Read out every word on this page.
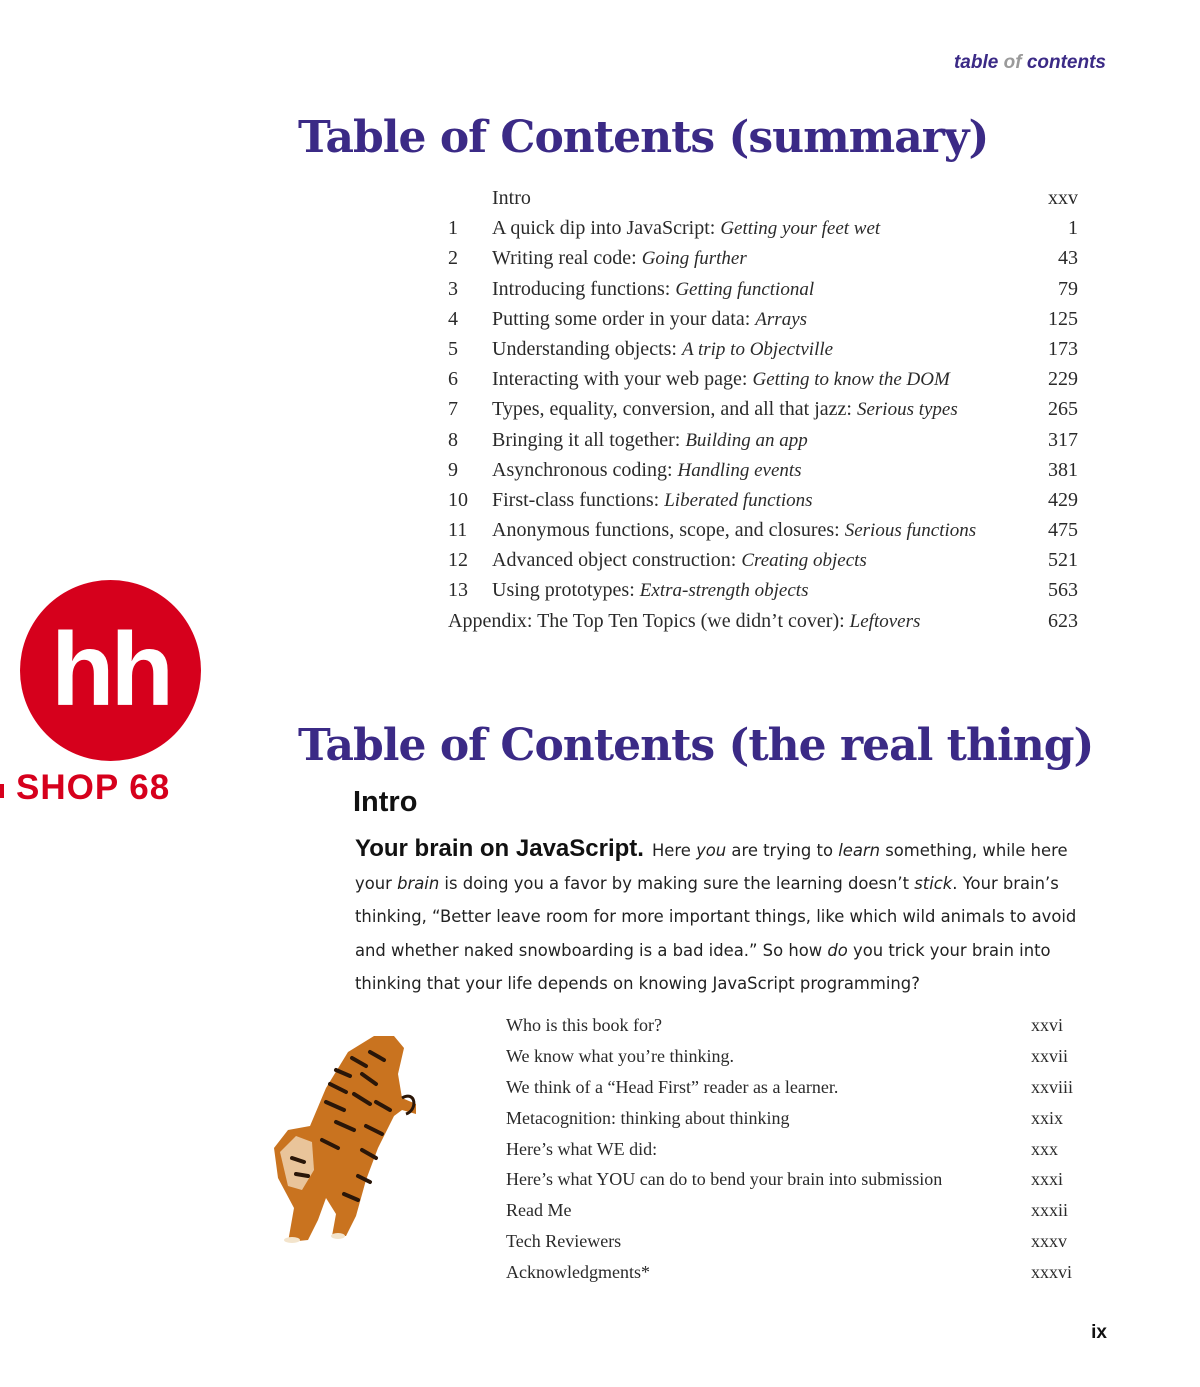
table of contents
Table of Contents (summary)
Intro	xxv
1	A quick dip into JavaScript: Getting your feet wet	1
2	Writing real code: Going further	43
3	Introducing functions: Getting functional	79
4	Putting some order in your data: Arrays	125
5	Understanding objects: A trip to Objectville	173
6	Interacting with your web page: Getting to know the DOM	229
7	Types, equality, conversion, and all that jazz: Serious types	265
8	Bringing it all together: Building an app	317
9	Asynchronous coding: Handling events	381
10	First-class functions: Liberated functions	429
11	Anonymous functions, scope, and closures: Serious functions	475
12	Advanced object construction: Creating objects	521
13	Using prototypes: Extra-strength objects	563
Appendix: The Top Ten Topics (we didn’t cover): Leftovers	623
hh
SHOP 68
Table of Contents (the real thing)
Intro
Your brain on JavaScript. Here you are trying to learn something, while here your brain is doing you a favor by making sure the learning doesn’t stick. Your brain’s thinking, “Better leave room for more important things, like which wild animals to avoid and whether naked snowboarding is a bad idea.” So how do you trick your brain into thinking that your life depends on knowing JavaScript programming?
Who is this book for?	xxvi
We know what you’re thinking.	xxvii
We think of a “Head First” reader as a learner.	xxviii
Metacognition: thinking about thinking	xxix
Here’s what WE did:	xxx
Here’s what YOU can do to bend your brain into submission	xxxi
Read Me	xxxii
Tech Reviewers	xxxv
Acknowledgments*	xxxvi
ix
